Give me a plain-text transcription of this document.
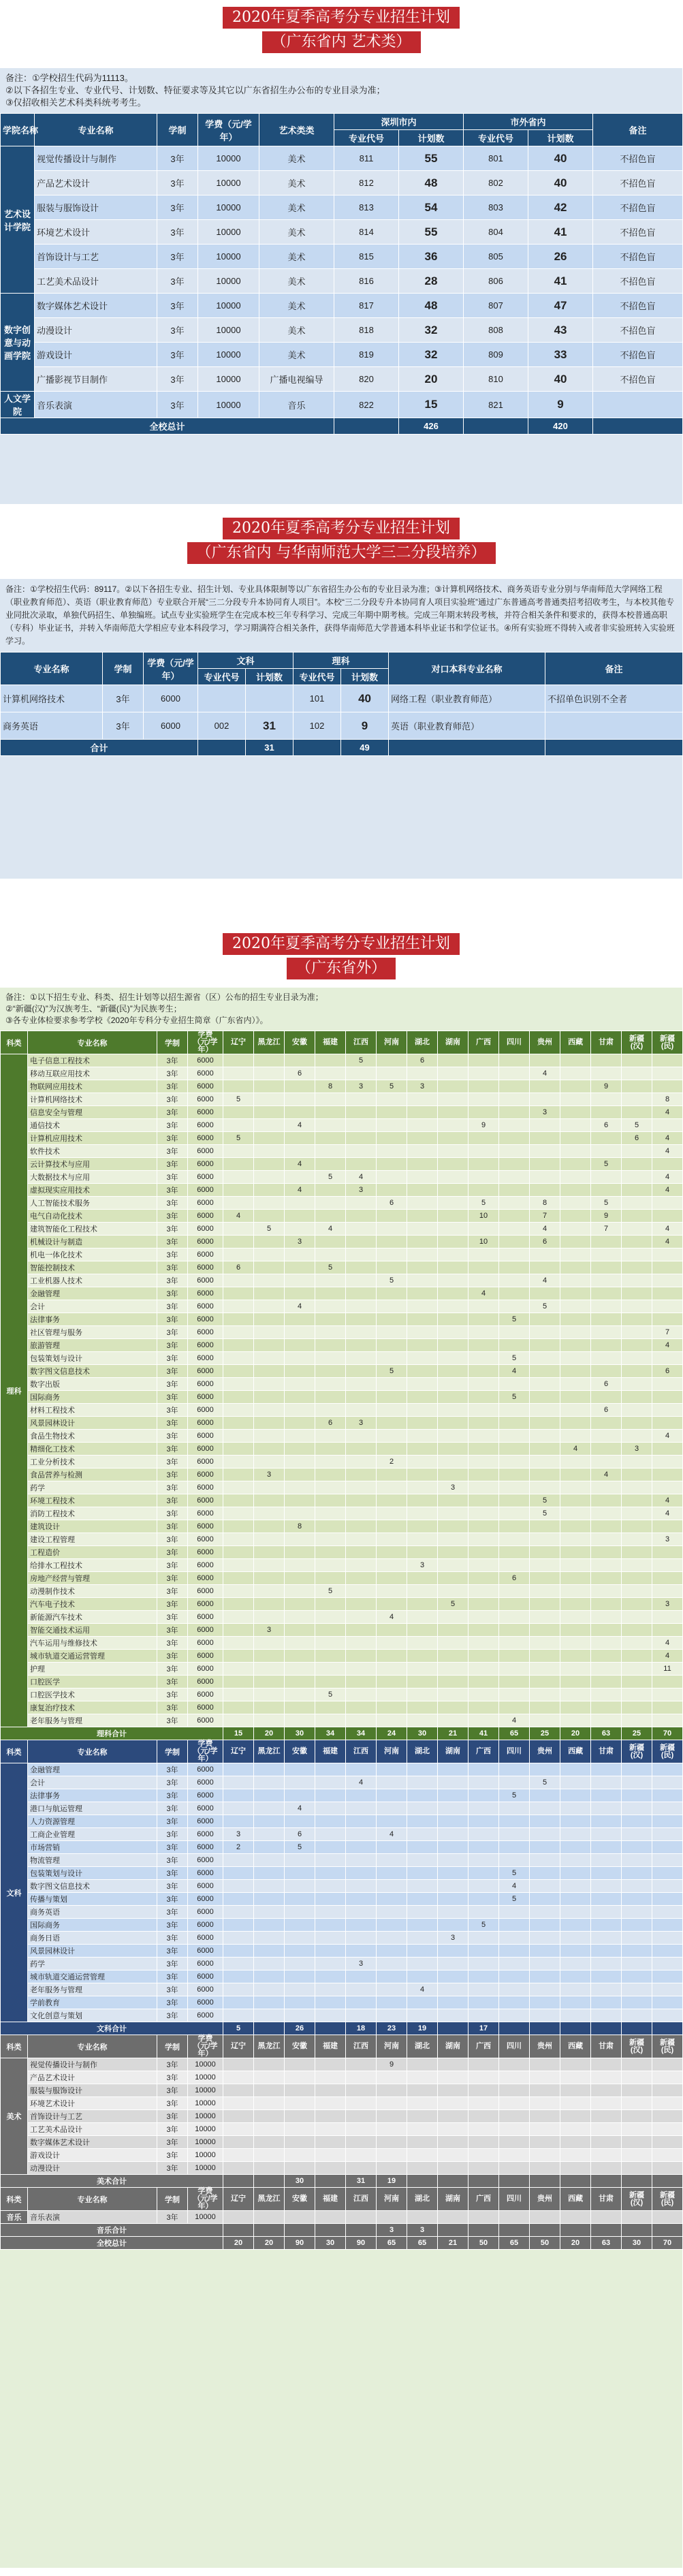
2020年夏季高考分专业招生计划
（广东省内 艺术类）
备注：①学校招生代码为11113。
②以下各招生专业、专业代号、计划数、特征要求等及其它以广东省招生办公布的专业目录为准；
③仅招收相关艺术科类科统考考生。
学院名称	专业名称	学制	学费（元/学年）	艺术类类	深圳市内		市外省内		备注
					专业代号	计划数	专业代号	计划数	
艺术设计学院	视觉传播设计与制作	3年	10000	美术	811	55	801	40	不招色盲
	产品艺术设计	3年	10000	美术	812	48	802	40	不招色盲
	服装与服饰设计	3年	10000	美术	813	54	803	42	不招色盲
	环境艺术设计	3年	10000	美术	814	55	804	41	不招色盲
	首饰设计与工艺	3年	10000	美术	815	36	805	26	不招色盲
	工艺美术品设计	3年	10000	美术	816	28	806	41	不招色盲
数字创意与动画学院	数字媒体艺术设计	3年	10000	美术	817	48	807	47	不招色盲
	动漫设计	3年	10000	美术	818	32	808	43	不招色盲
	游戏设计	3年	10000	美术	819	32	809	33	不招色盲
	广播影视节目制作	3年	10000	广播电视编导	820	20	810	40	不招色盲
人文学院	音乐表演	3年	10000	音乐	822	15	821	9	
全校总计						426		420	
2020年夏季高考分专业招生计划
（广东省内 与华南师范大学三二分段培养）
备注：①学校招生代码：89117。②以下各招生专业、招生计划、专业具体限制等以广东省招生办公布的专业目录为准；③计算机网络技术、商务英语专业分别与华南师范大学网络工程（职业教育师范）、英语（职业教育师范）专业联合开展“三二分段专升本协同育人项目”。本校“三二分段专升本协同育人项目实验班”通过广东普通高考普通类招考招收考生，与本校其他专业同批次录取，单独代码招生、单独编班。试点专业实验班学生在完成本校三年专科学习、完成三年期中期考核。完成三年期末转段考核，并符合相关条件和要求的，获得本校普通高职（专科）毕业证书，并转入华南师范大学相应专业本科段学习，学习期满符合相关条件，获得华南师范大学普通本科毕业证书和学位证书。④所有实验班不得转入或者非实验班转入实验班学习。
专业名称	学制	学费（元/学年）	文科		理科		对口本科专业名称	备注
			专业代号	计划数	专业代号	计划数		
计算机网络技术	3年	6000			101	40	网络工程（职业教育师范）	不招单色识别不全者
商务英语	3年	6000	002	31	102	9	英语（职业教育师范）	
合计				31		49		
2020年夏季高考分专业招生计划
（广东省外）
备注：①以下招生专业、科类、招生计划等以招生源省（区）公布的招生专业目录为准；
②“新疆(汉)”为汉族考生、“新疆(民)”为民族考生；
③各专业体检要求参考学校《2020年专科分专业招生简章（广东省内）》。
科类	专业名称	学制	学费（元/学年）	辽宁	黑龙江	安徽	福建	江西	河南	湖北	湖南	广西	四川	贵州	西藏	甘肃	新疆(汉)	新疆(民)
理科	电子信息工程技术	3年	6000					5		6								
	移动互联应用技术	3年	6000			6								4				
	物联网应用技术	3年	6000				8	3	5	3						9		
	计算机网络技术	3年	6000	5														8
	信息安全与管理	3年	6000											3				4
	通信技术	3年	6000			4						9				6	5	
	计算机应用技术	3年	6000	5													6	4
	软件技术	3年	6000															4
	云计算技术与应用	3年	6000			4										5		
	大数据技术与应用	3年	6000				5	4										4
	虚拟现实应用技术	3年	6000			4		3										4
	人工智能技术服务	3年	6000						6			5		8		5		
	电气自动化技术	3年	6000	4								10		7		9		
	建筑智能化工程技术	3年	6000		5		4							4		7		4
	机械设计与制造	3年	6000			3						10		6				4
	机电一体化技术	3年	6000															
	智能控制技术	3年	6000	6			5											
	工业机器人技术	3年	6000						5					4				
	金融管理	3年	6000									4						
	会计	3年	6000			4								5				
	法律事务	3年	6000										5					
	社区管理与服务	3年	6000															7
	旅游管理	3年	6000															4
	包装策划与设计	3年	6000										5					
	数字图文信息技术	3年	6000						5				4					6
	数字出版	3年	6000													6		
	国际商务	3年	6000										5					
	材料工程技术	3年	6000													6		
	风景园林设计	3年	6000				6	3										
	食品生物技术	3年	6000															4
	精细化工技术	3年	6000												4		3	
	工业分析技术	3年	6000						2									
	食品营养与检测	3年	6000		3											4		
	药学	3年	6000								3							
	环境工程技术	3年	6000											5				4
	消防工程技术	3年	6000											5				4
	建筑设计	3年	6000			8												
	建设工程管理	3年	6000															3
	工程造价	3年	6000															
	给排水工程技术	3年	6000							3								
	房地产经营与管理	3年	6000										6					
	动漫制作技术	3年	6000				5											
	汽车电子技术	3年	6000								5							3
	新能源汽车技术	3年	6000						4									
	智能交通技术运用	3年	6000		3													
	汽车运用与维修技术	3年	6000															4
	城市轨道交通运营管理	3年	6000															4
	护理	3年	6000															11
	口腔医学	3年	6000															
	口腔医学技术	3年	6000				5											
	康复治疗技术	3年	6000															
	老年服务与管理	3年	6000										4					
理科合计				15	20	30	34	34	24	30	21	41	65	25	20	63	25	70
科类	专业名称	学制	学费（元/学年）	辽宁	黑龙江	安徽	福建	江西	河南	湖北	湖南	广西	四川	贵州	西藏	甘肃	新疆(汉)	新疆(民)
文科	金融管理	3年	6000															
	会计	3年	6000					4						5				
	法律事务	3年	6000										5					
	港口与航运管理	3年	6000			4												
	人力资源管理	3年	6000															
	工商企业管理	3年	6000	3		6			4									
	市场营销	3年	6000	2		5												
	物流管理	3年	6000															
	包装策划与设计	3年	6000										5					
	数字图文信息技术	3年	6000										4					
	传播与策划	3年	6000										5					
	商务英语	3年	6000															
	国际商务	3年	6000									5						
	商务日语	3年	6000								3							
	风景园林设计	3年	6000															
	药学	3年	6000					3										
	城市轨道交通运营管理	3年	6000															
	老年服务与管理	3年	6000							4								
	学前教育	3年	6000															
	文化创意与策划	3年	6000															
文科合计				5		26		18	23	19		17						
科类	专业名称	学制	学费（元/学年）	辽宁	黑龙江	安徽	福建	江西	河南	湖北	湖南	广西	四川	贵州	西藏	甘肃	新疆(汉)	新疆(民)
美术	视觉传播设计与制作	3年	10000						9									
	产品艺术设计	3年	10000															
	服装与服饰设计	3年	10000															
	环境艺术设计	3年	10000															
	首饰设计与工艺	3年	10000															
	工艺美术品设计	3年	10000															
	数字媒体艺术设计	3年	10000															
	游戏设计	3年	10000															
	动漫设计	3年	10000															
美术合计						30		31	19									
科类	专业名称	学制	学费（元/学年）	辽宁	黑龙江	安徽	福建	江西	河南	湖北	湖南	广西	四川	贵州	西藏	甘肃	新疆(汉)	新疆(民)
音乐	音乐表演	3年	10000															
音乐合计									3	3								
全校总计				20	20	90	30	90	65	65	21	50	65	50	20	63	30	70
